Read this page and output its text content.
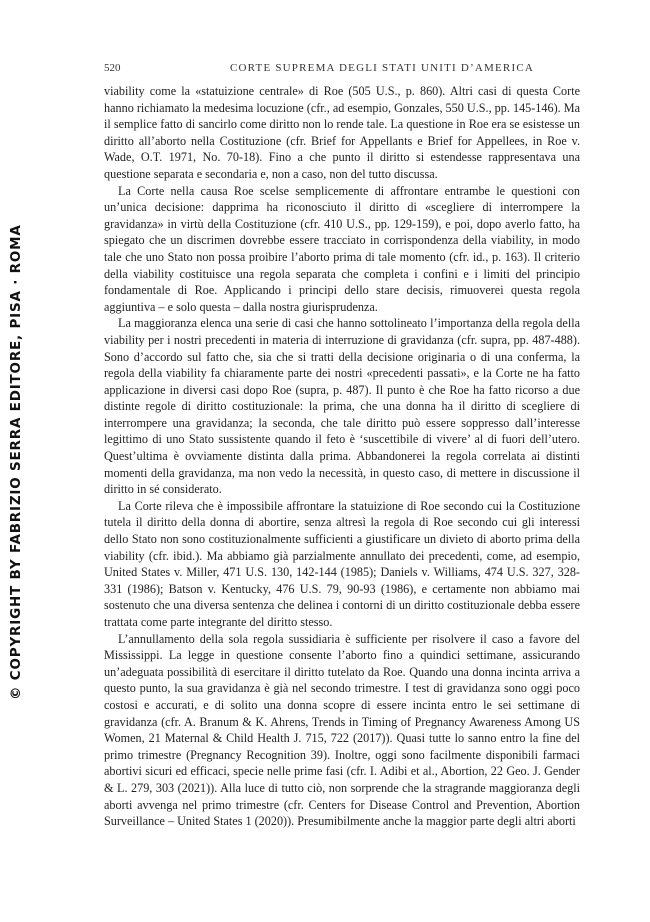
© COPYRIGHT BY FABRIZIO SERRA EDITORE, PISA · ROMA
520	CORTE SUPREMA DEGLI STATI UNITI D’AMERICA

viability come la «statuizione centrale» di Roe (505 U.S., p. 860). Altri casi di questa Corte hanno richiamato la medesima locuzione (cfr., ad esempio, Gonzales, 550 U.S., pp. 145-146). Ma il semplice fatto di sancirlo come diritto non lo rende tale. La questione in Roe era se esistesse un diritto all’aborto nella Costituzione (cfr. Brief for Appellants e Brief for Appellees, in Roe v. Wade, O.T. 1971, No. 70-18). Fino a che punto il diritto si estendesse rappresentava una questione separata e secondaria e, non a caso, non del tutto discussa.

La Corte nella causa Roe scelse semplicemente di affrontare entrambe le questioni con un’unica decisione: dapprima ha riconosciuto il diritto di «scegliere di interrompere la gravidanza» in virtù della Costituzione (cfr. 410 U.S., pp. 129-159), e poi, dopo averlo fatto, ha spiegato che un discrimen dovrebbe essere tracciato in corrispondenza della viability, in modo tale che uno Stato non possa proibire l’aborto prima di tale momento (cfr. id., p. 163). Il criterio della viability costituisce una regola separata che completa i confini e i limiti del principio fondamentale di Roe. Applicando i principi dello stare decisis, rimuoverei questa regola aggiuntiva – e solo questa – dalla nostra giurisprudenza.

La maggioranza elenca una serie di casi che hanno sottolineato l’importanza della regola della viability per i nostri precedenti in materia di interruzione di gravidanza (cfr. supra, pp. 487-488). Sono d’accordo sul fatto che, sia che si tratti della decisione originaria o di una conferma, la regola della viability fa chiaramente parte dei nostri «precedenti passati», e la Corte ne ha fatto applicazione in diversi casi dopo Roe (supra, p. 487). Il punto è che Roe ha fatto ricorso a due distinte regole di diritto costituzionale: la prima, che una donna ha il diritto di scegliere di interrompere una gravidanza; la seconda, che tale diritto può essere soppresso dall’interesse legittimo di uno Stato sussistente quando il feto è ‘suscettibile di vivere’ al di fuori dell’utero. Quest’ultima è ovviamente distinta dalla prima. Abbandonerei la regola correlata ai distinti momenti della gravidanza, ma non vedo la necessità, in questo caso, di mettere in discussione il diritto in sé considerato.

La Corte rileva che è impossibile affrontare la statuizione di Roe secondo cui la Costituzione tutela il diritto della donna di abortire, senza altresì la regola di Roe secondo cui gli interessi dello Stato non sono costituzionalmente sufficienti a giustificare un divieto di aborto prima della viability (cfr. ibid.). Ma abbiamo già parzialmente annullato dei precedenti, come, ad esempio, United States v. Miller, 471 U.S. 130, 142-144 (1985); Daniels v. Williams, 474 U.S. 327, 328-331 (1986); Batson v. Kentucky, 476 U.S. 79, 90-93 (1986), e certamente non abbiamo mai sostenuto che una diversa sentenza che delinea i contorni di un diritto costituzionale debba essere trattata come parte integrante del diritto stesso.

L’annullamento della sola regola sussidiaria è sufficiente per risolvere il caso a favore del Mississippi. La legge in questione consente l’aborto fino a quindici settimane, assicurando un’adeguata possibilità di esercitare il diritto tutelato da Roe. Quando una donna incinta arriva a questo punto, la sua gravidanza è già nel secondo trimestre. I test di gravidanza sono oggi poco costosi e accurati, e di solito una donna scopre di essere incinta entro le sei settimane di gravidanza (cfr. A. Branum & K. Ahrens, Trends in Timing of Pregnancy Awareness Among US Women, 21 Maternal & Child Health J. 715, 722 (2017)). Quasi tutte lo sanno entro la fine del primo trimestre (Pregnancy Recognition 39). Inoltre, oggi sono facilmente disponibili farmaci abortivi sicuri ed efficaci, specie nelle prime fasi (cfr. I. Adibi et al., Abortion, 22 Geo. J. Gender & L. 279, 303 (2021)). Alla luce di tutto ciò, non sorprende che la stragrande maggioranza degli aborti avvenga nel primo trimestre (cfr. Centers for Disease Control and Prevention, Abortion Surveillance – United States 1 (2020)). Presumibilmente anche la maggior parte degli altri aborti
